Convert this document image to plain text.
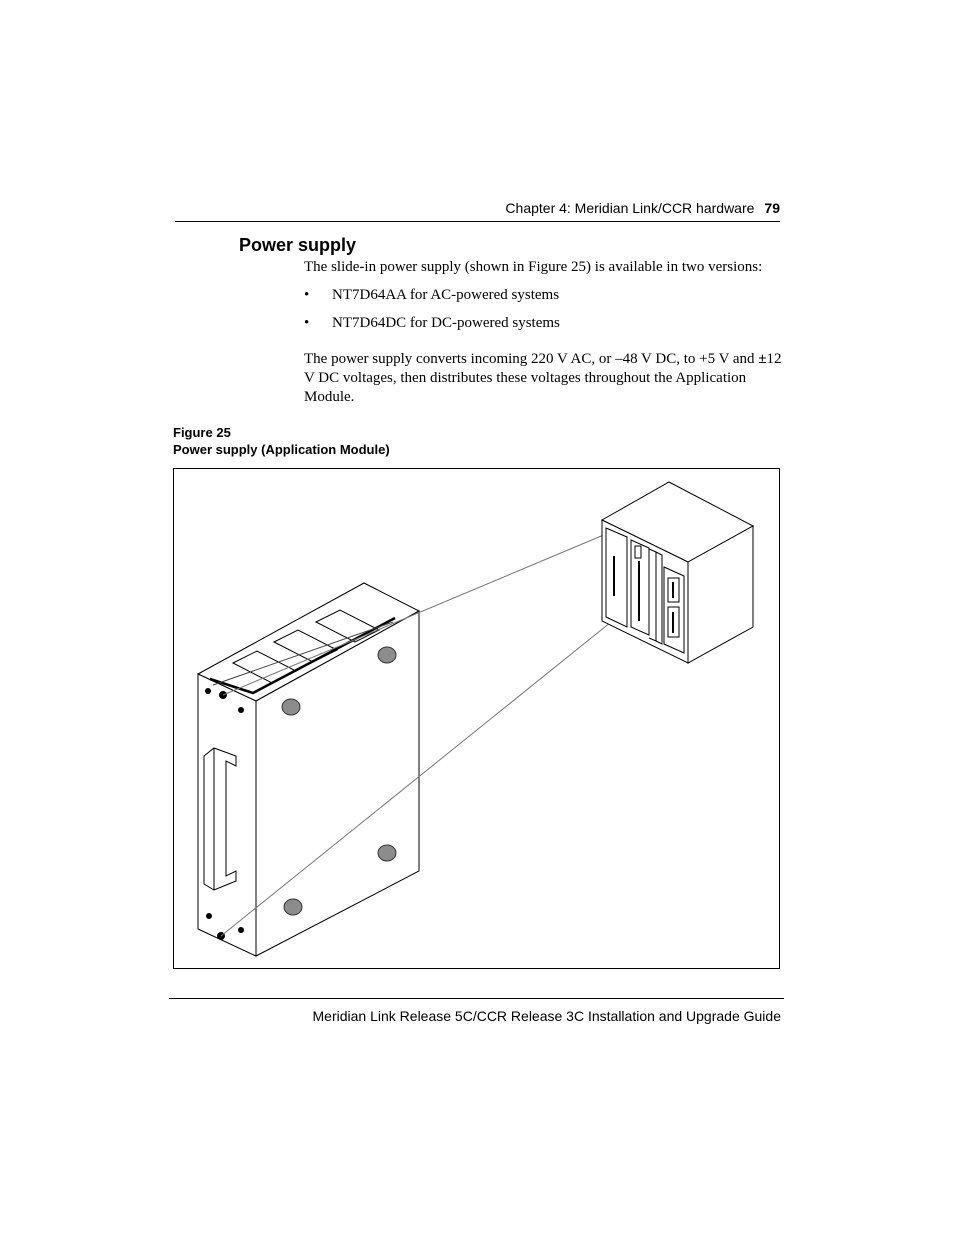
Chapter 4: Meridian Link/CCR hardware 79
Power supply

The slide-in power supply (shown in Figure 25) is available in two versions:

• NT7D64AA for AC-powered systems
• NT7D64DC for DC-powered systems

The power supply converts incoming 220 V AC, or –48 V DC, to +5 V and ±12 V DC voltages, then distributes these voltages throughout the Application Module.

Figure 25
Power supply (Application Module)
Meridian Link Release 5C/CCR Release 3C Installation and Upgrade Guide
